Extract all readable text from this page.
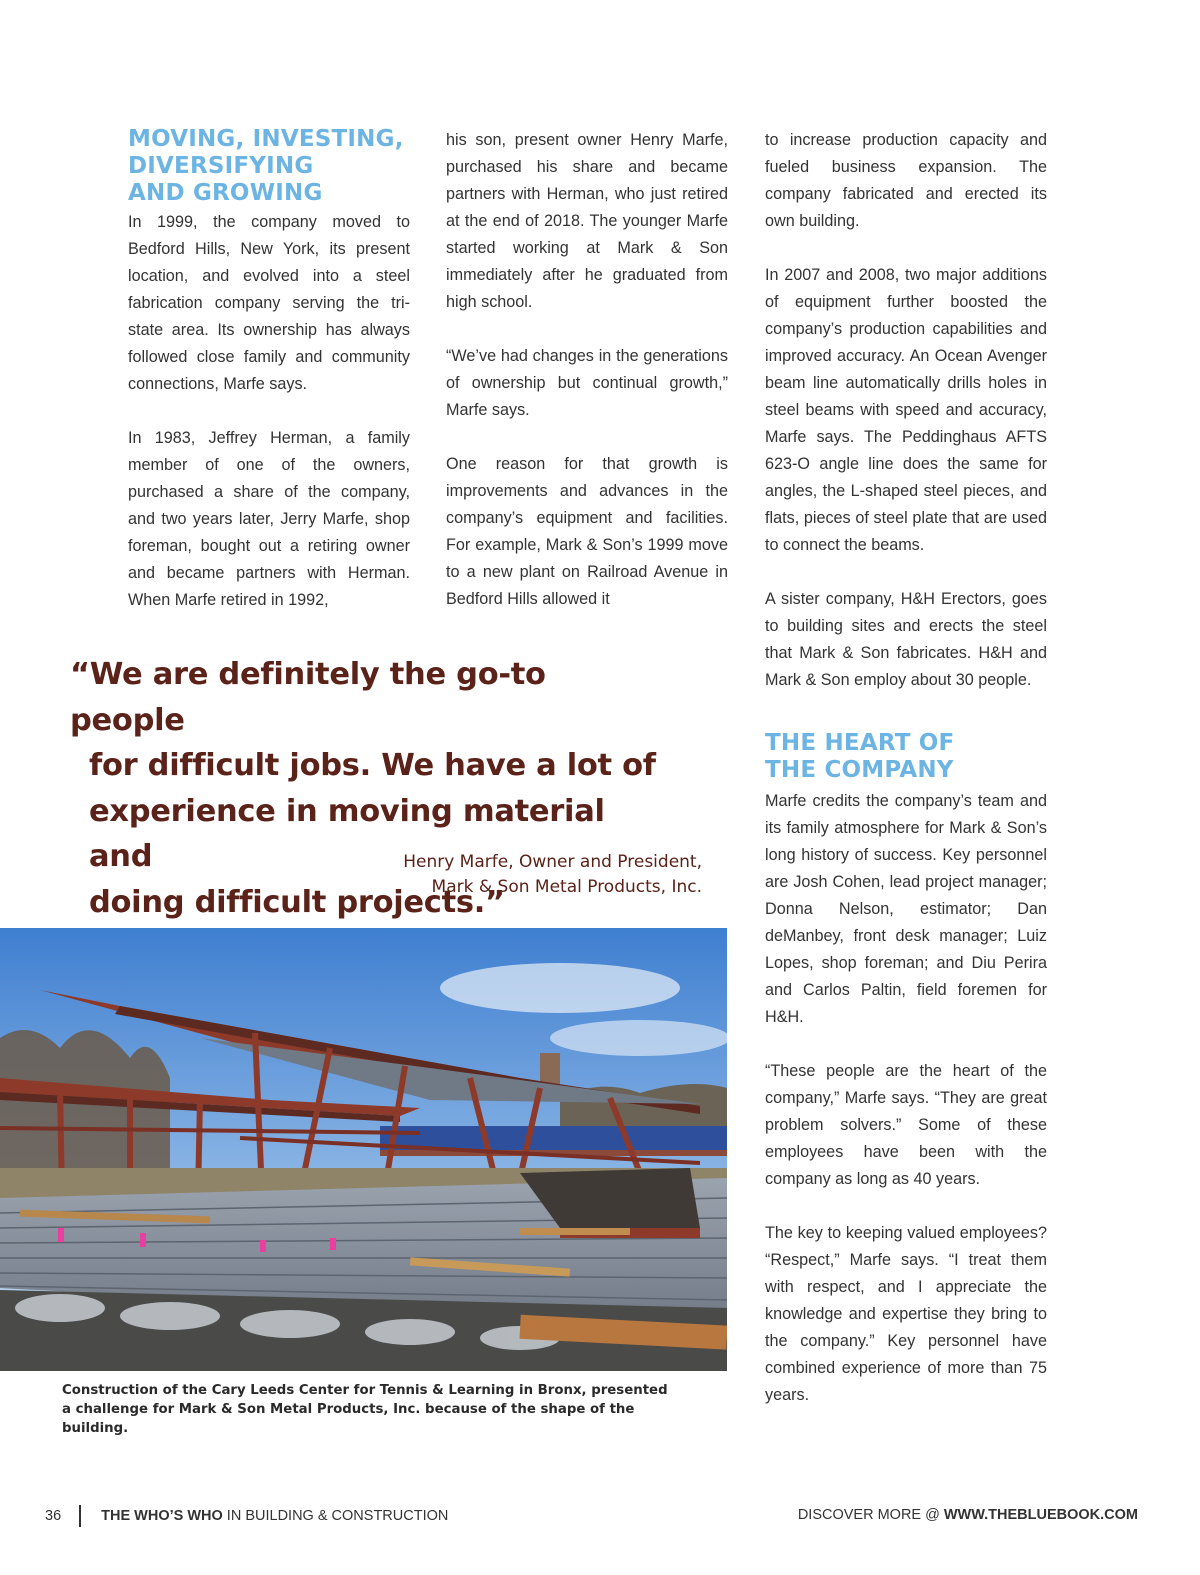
MOVING, INVESTING,
DIVERSIFYING
AND GROWING

In 1999, the company moved to Bedford Hills, New York, its present location, and evolved into a steel fabrication company serving the tri-state area. Its ownership has always followed close family and community connections, Marfe says.

In 1983, Jeffrey Herman, a family member of one of the owners, purchased a share of the company, and two years later, Jerry Marfe, shop foreman, bought out a retiring owner and became partners with Herman. When Marfe retired in 1992,

his son, present owner Henry Marfe, purchased his share and became partners with Herman, who just retired at the end of 2018. The younger Marfe started working at Mark & Son immediately after he graduated from high school.

“We’ve had changes in the generations of ownership but continual growth,” Marfe says.

One reason for that growth is improvements and advances in the company’s equipment and facilities. For example, Mark & Son’s 1999 move to a new plant on Railroad Avenue in Bedford Hills allowed it

to increase production capacity and fueled business expansion. The company fabricated and erected its own building.

In 2007 and 2008, two major additions of equipment further boosted the company’s production capabilities and improved accuracy. An Ocean Avenger beam line automatically drills holes in steel beams with speed and accuracy, Marfe says. The Peddinghaus AFTS 623-O angle line does the same for angles, the L-shaped steel pieces, and flats, pieces of steel plate that are used to connect the beams.

A sister company, H&H Erectors, goes to building sites and erects the steel that Mark & Son fabricates. H&H and Mark & Son employ about 30 people.

THE HEART OF
THE COMPANY

Marfe credits the company’s team and its family atmosphere for Mark & Son’s long history of success. Key personnel are Josh Cohen, lead project manager; Donna Nelson, estimator; Dan deManbey, front desk manager; Luiz Lopes, shop foreman; and Diu Perira and Carlos Paltin, field foremen for H&H.

“These people are the heart of the company,” Marfe says. “They are great problem solvers.” Some of these employees have been with the company as long as 40 years.

The key to keeping valued employees? “Respect,” Marfe says. “I treat them with respect, and I appreciate the knowledge and expertise they bring to the company.” Key personnel have combined experience of more than 75 years.

“We are definitely the go-to people
for difficult jobs. We have a lot of
experience in moving material and
doing difficult projects.”
Henry Marfe, Owner and President,
Mark & Son Metal Products, Inc.
Construction of the Cary Leeds Center for Tennis & Learning in Bronx, presented
a challenge for Mark & Son Metal Products, Inc. because of the shape of the building.
36	THE WHO’S WHO IN BUILDING & CONSTRUCTION	DISCOVER MORE @ WWW.THEBLUEBOOK.COM
